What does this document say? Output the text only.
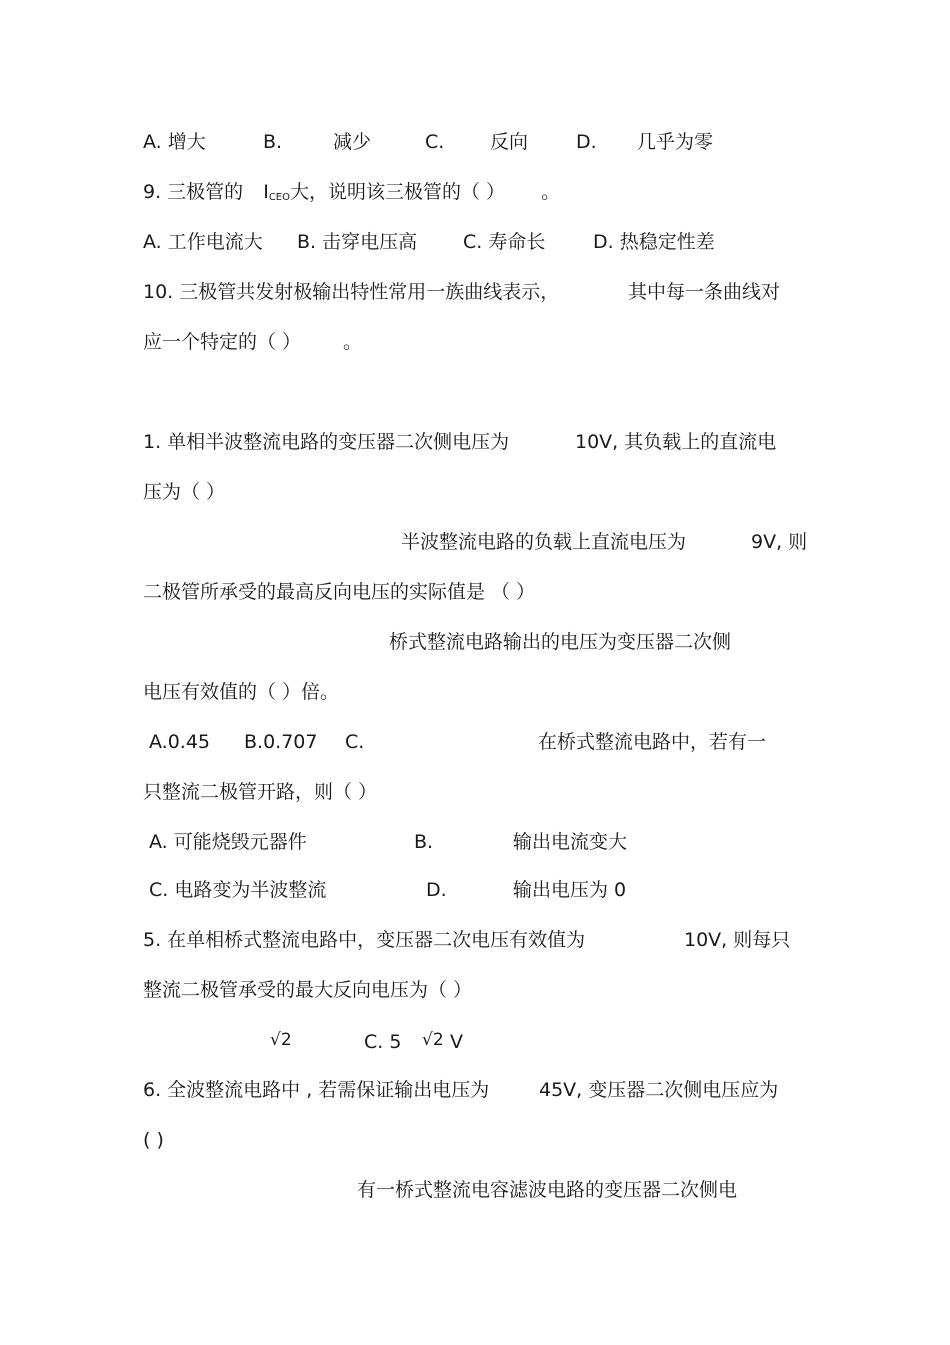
A. 增大	B.	减少	C. 反向	D. 几乎为零
9. 三极管的 ICEO大，说明该三极管的（ ） 。
A. 工作电流大 B. 击穿电压高 C. 寿命长	D. 热稳定性差
10. 三极管共发射极输出特性常用一族曲线表示，	其中每一条曲线对
应一个特定的（ ） 。
1. 单相半波整流电路的变压器二次侧电压为	10V, 其负载上的直流电
压为（ ）
半波整流电路的负载上直流电压为	9V, 则
二极管所承受的最高反向电压的实际值是 （ ）
桥式整流电路输出的电压为变压器二次侧
电压有效值的（ ）倍。
A.0.45 B.0.707 C.	在桥式整流电路中，若有一
只整流二极管开路，则（ ）
A. 可能烧毁元器件	B.	输出电流变大
C. 电路变为半波整流	D.	输出电压为 0
5. 在单相桥式整流电路中，变压器二次电压有效值为	10V, 则每只
整流二极管承受的最大反向电压为（ ）
√2	C. 5 √2 V
6. 全波整流电路中 , 若需保证输出电压为	45V, 变压器二次侧电压应为
( )
有一桥式整流电容滤波电路的变压器二次侧电
